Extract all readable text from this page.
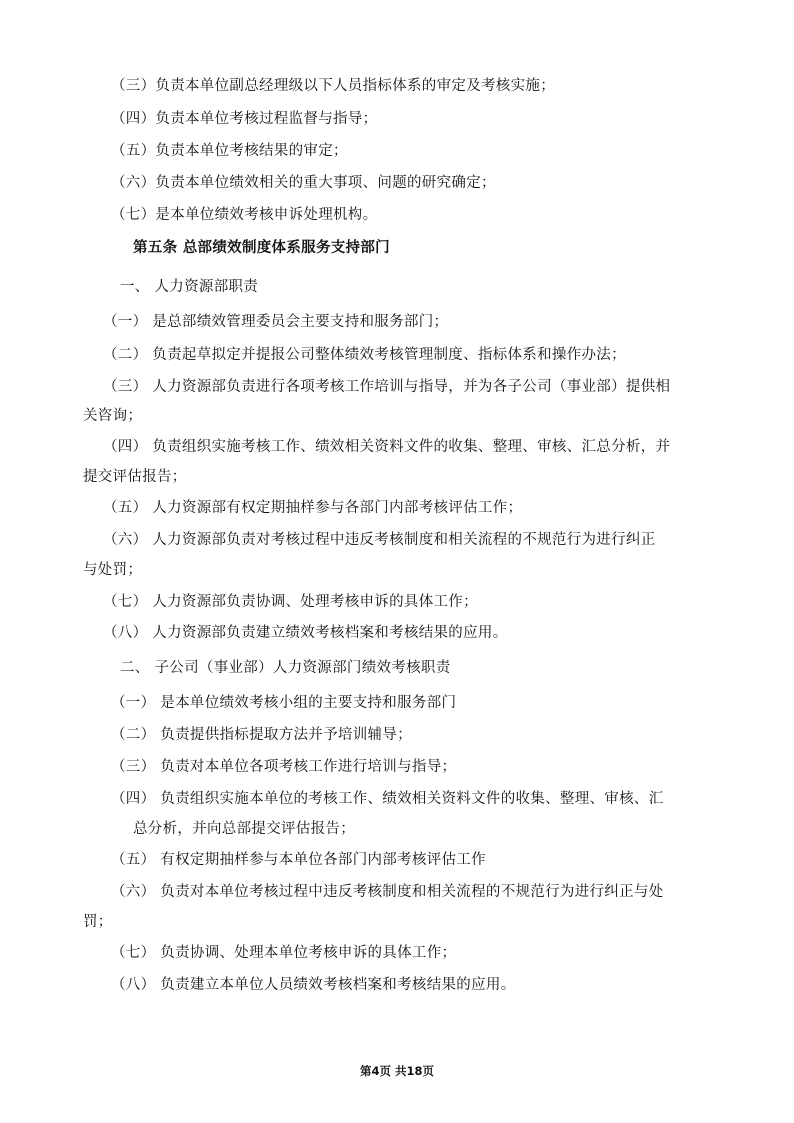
（三）负责本单位副总经理级以下人员指标体系的审定及考核实施；
（四）负责本单位考核过程监督与指导；
（五）负责本单位考核结果的审定；
（六）负责本单位绩效相关的重大事项、问题的研究确定；
（七）是本单位绩效考核申诉处理机构。
第五条 总部绩效制度体系服务支持部门
一、 人力资源部职责
（一） 是总部绩效管理委员会主要支持和服务部门；
（二） 负责起草拟定并提报公司整体绩效考核管理制度、指标体系和操作办法；
（三） 人力资源部负责进行各项考核工作培训与指导，并为各子公司（事业部）提供相
关咨询；
（四） 负责组织实施考核工作、绩效相关资料文件的收集、整理、审核、汇总分析，并
提交评估报告；
（五） 人力资源部有权定期抽样参与各部门内部考核评估工作；
（六） 人力资源部负责对考核过程中违反考核制度和相关流程的不规范行为进行纠正
与处罚；
（七） 人力资源部负责协调、处理考核申诉的具体工作；
（八） 人力资源部负责建立绩效考核档案和考核结果的应用。
二、 子公司（事业部）人力资源部门绩效考核职责
（一） 是本单位绩效考核小组的主要支持和服务部门
（二） 负责提供指标提取方法并予培训辅导；
（三） 负责对本单位各项考核工作进行培训与指导；
（四） 负责组织实施本单位的考核工作、绩效相关资料文件的收集、整理、审核、汇
总分析，并向总部提交评估报告；
（五） 有权定期抽样参与本单位各部门内部考核评估工作
（六） 负责对本单位考核过程中违反考核制度和相关流程的不规范行为进行纠正与处
罚；
（七） 负责协调、处理本单位考核申诉的具体工作；
（八） 负责建立本单位人员绩效考核档案和考核结果的应用。
第4页 共18页
